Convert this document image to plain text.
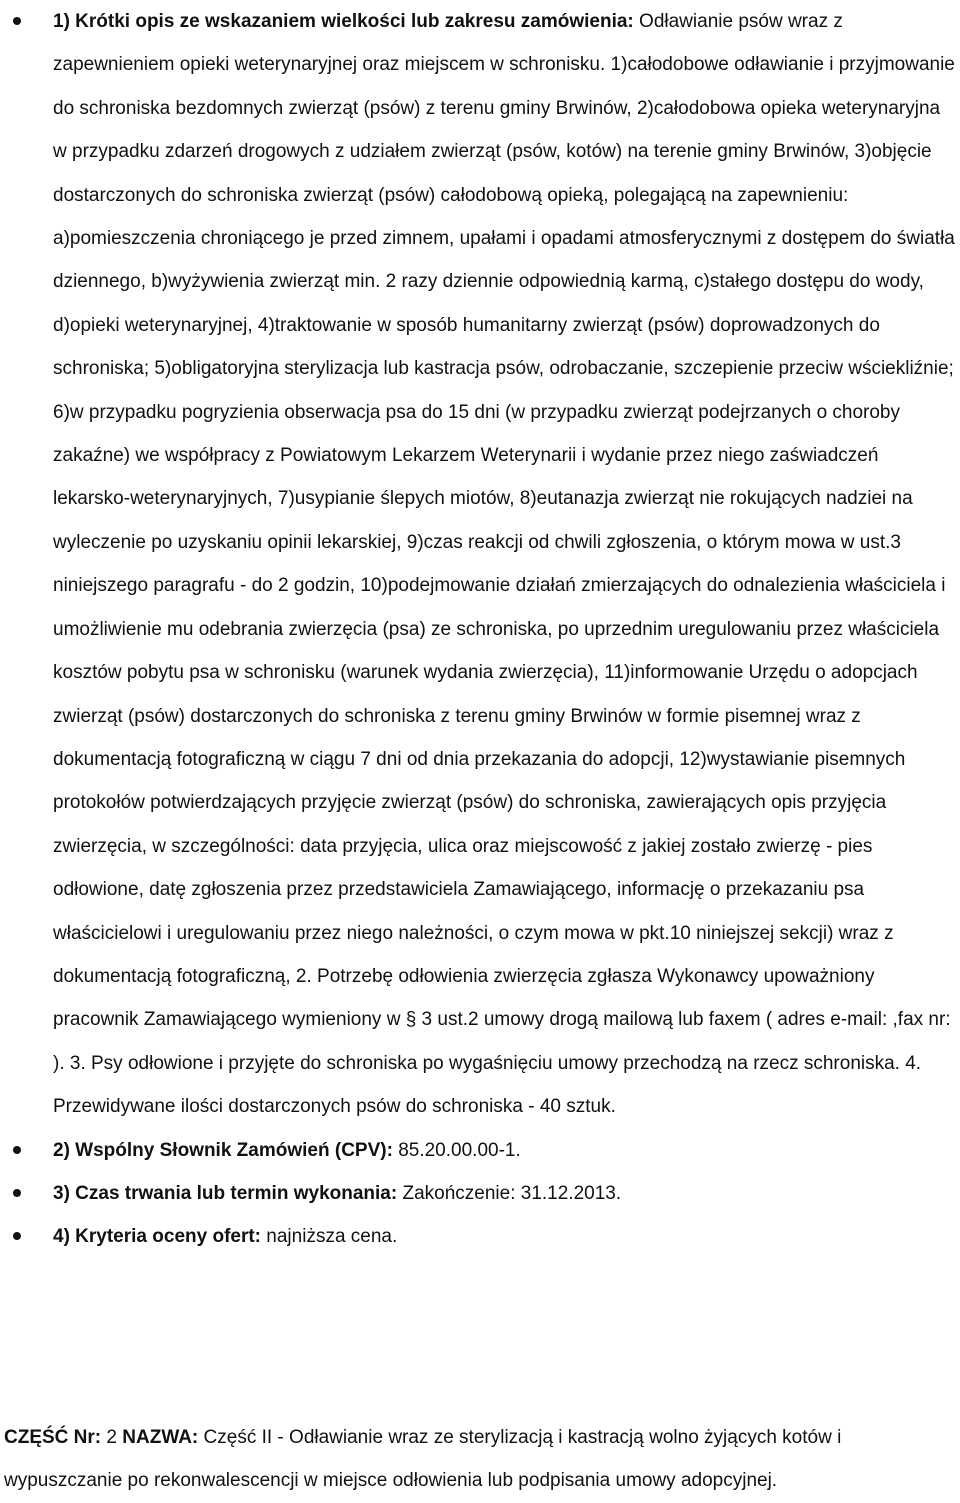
1) Krótki opis ze wskazaniem wielkości lub zakresu zamówienia: Odławianie psów wraz z zapewnieniem opieki weterynaryjnej oraz miejscem w schronisku. 1)całodobowe odławianie i przyjmowanie do schroniska bezdomnych zwierząt (psów) z terenu gminy Brwinów, 2)całodobowa opieka weterynaryjna w przypadku zdarzeń drogowych z udziałem zwierząt (psów, kotów) na terenie gminy Brwinów, 3)objęcie dostarczonych do schroniska zwierząt (psów) całodobową opieką, polegającą na zapewnieniu: a)pomieszczenia chroniącego je przed zimnem, upałami i opadami atmosferycznymi z dostępem do światła dziennego, b)wyżywienia zwierząt min. 2 razy dziennie odpowiednią karmą, c)stałego dostępu do wody, d)opieki weterynaryjnej, 4)traktowanie w sposób humanitarny zwierząt (psów) doprowadzonych do schroniska; 5)obligatoryjna sterylizacja lub kastracja psów, odrobaczanie, szczepienie przeciw wściekliźnie; 6)w przypadku pogryzienia obserwacja psa do 15 dni (w przypadku zwierząt podejrzanych o choroby zakaźne) we współpracy z Powiatowym Lekarzem Weterynarii i wydanie przez niego zaświadczeń lekarsko-weterynaryjnych, 7)usypianie ślepych miotów, 8)eutanazja zwierząt nie rokujących nadziei na wyleczenie po uzyskaniu opinii lekarskiej, 9)czas reakcji od chwili zgłoszenia, o którym mowa w ust.3 niniejszego paragrafu - do 2 godzin, 10)podejmowanie działań zmierzających do odnalezienia właściciela i umożliwienie mu odebrania zwierzęcia (psa) ze schroniska, po uprzednim uregulowaniu przez właściciela kosztów pobytu psa w schronisku (warunek wydania zwierzęcia), 11)informowanie Urzędu o adopcjach zwierząt (psów) dostarczonych do schroniska z terenu gminy Brwinów w formie pisemnej wraz z dokumentacją fotograficzną w ciągu 7 dni od dnia przekazania do adopcji, 12)wystawianie pisemnych protokołów potwierdzających przyjęcie zwierząt (psów) do schroniska, zawierających opis przyjęcia zwierzęcia, w szczególności: data przyjęcia, ulica oraz miejscowość z jakiej zostało zwierzę - pies odłowione, datę zgłoszenia przez przedstawiciela Zamawiającego, informację o przekazaniu psa właścicielowi i uregulowaniu przez niego należności, o czym mowa w pkt.10 niniejszej sekcji) wraz z dokumentacją fotograficzną, 2. Potrzebę odłowienia zwierzęcia zgłasza Wykonawcy upoważniony pracownik Zamawiającego wymieniony w § 3 ust.2 umowy drogą mailową lub faxem ( adres e-mail: ,fax nr: ). 3. Psy odłowione i przyjęte do schroniska po wygaśnięciu umowy przechodzą na rzecz schroniska. 4. Przewidywane ilości dostarczonych psów do schroniska - 40 sztuk.
2) Wspólny Słownik Zamówień (CPV): 85.20.00.00-1.
3) Czas trwania lub termin wykonania: Zakończenie: 31.12.2013.
4) Kryteria oceny ofert: najniższa cena.
CZĘŚĆ Nr: 2 NAZWA: Część II - Odławianie wraz ze sterylizacją i kastracją wolno żyjących kotów i wypuszczanie po rekonwalescencji w miejsce odłowienia lub podpisania umowy adopcyjnej.
